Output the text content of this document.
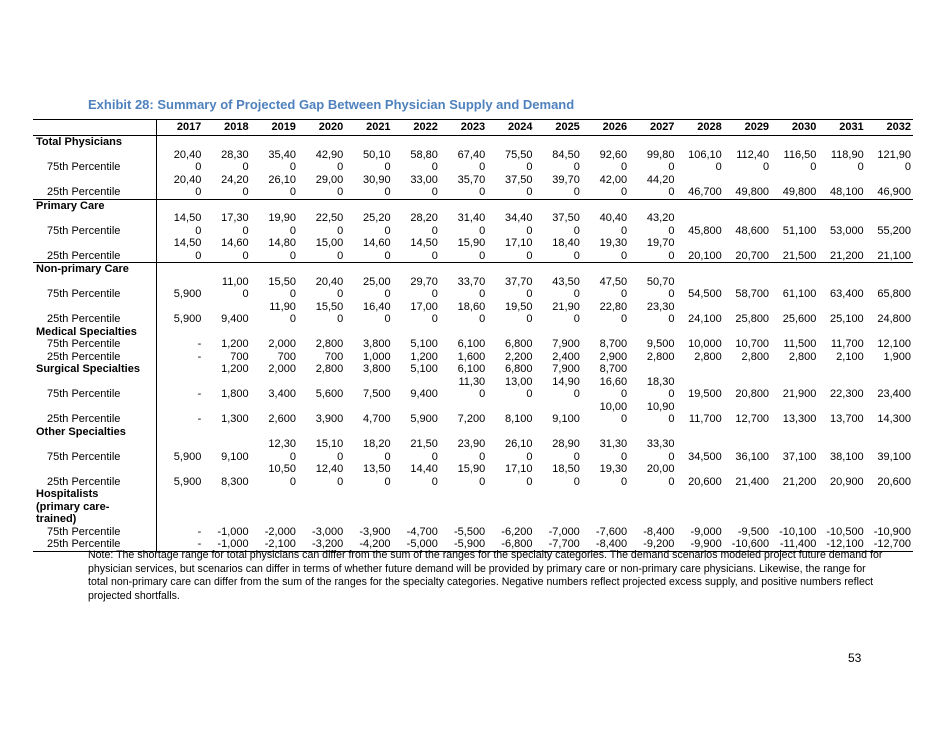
Exhibit 28: Summary of Projected Gap Between Physician Supply and Demand
	2017	2018	2019	2020	2021	2022	2023	2024	2025	2026	2027	2028	2029	2030	2031	2032
Total Physicians																
	20,40	28,30	35,40	42,90	50,10	58,80	67,40	75,50	84,50	92,60	99,80	106,10	112,40	116,50	118,90	121,90
75th Percentile	0	0	0	0	0	0	0	0	0	0	0	0	0	0	0	0
	20,40	24,20	26,10	29,00	30,90	33,00	35,70	37,50	39,70	42,00	44,20					
25th Percentile	0	0	0	0	0	0	0	0	0	0	0	46,700	49,800	49,800	48,100	46,900
Primary Care																
	14,50	17,30	19,90	22,50	25,20	28,20	31,40	34,40	37,50	40,40	43,20					
75th Percentile	0	0	0	0	0	0	0	0	0	0	0	45,800	48,600	51,100	53,000	55,200
	14,50	14,60	14,80	15,00	14,60	14,50	15,90	17,10	18,40	19,30	19,70					
25th Percentile	0	0	0	0	0	0	0	0	0	0	0	20,100	20,700	21,500	21,200	21,100
Non-primary Care																
		11,00	15,50	20,40	25,00	29,70	33,70	37,70	43,50	47,50	50,70					
75th Percentile	5,900	0	0	0	0	0	0	0	0	0	0	54,500	58,700	61,100	63,400	65,800
			11,90	15,50	16,40	17,00	18,60	19,50	21,90	22,80	23,30					
25th Percentile	5,900	9,400	0	0	0	0	0	0	0	0	0	24,100	25,800	25,600	25,100	24,800
Medical Specialties																
75th Percentile	-	1,200	2,000	2,800	3,800	5,100	6,100	6,800	7,900	8,700	9,500	10,000	10,700	11,500	11,700	12,100
25th Percentile	-	700	700	700	1,000	1,200	1,600	2,200	2,400	2,900	2,800	2,800	2,800	2,800	2,100	1,900
Surgical Specialties		1,200	2,000	2,800	3,800	5,100	6,100	6,800	7,900	8,700						
							11,30	13,00	14,90	16,60	18,30					
75th Percentile	-	1,800	3,400	5,600	7,500	9,400	0	0	0	0	0	19,500	20,800	21,900	22,300	23,400
										10,00	10,90					
25th Percentile	-	1,300	2,600	3,900	4,700	5,900	7,200	8,100	9,100	0	0	11,700	12,700	13,300	13,700	14,300
Other Specialties																
			12,30	15,10	18,20	21,50	23,90	26,10	28,90	31,30	33,30					
75th Percentile	5,900	9,100	0	0	0	0	0	0	0	0	0	34,500	36,100	37,100	38,100	39,100
			10,50	12,40	13,50	14,40	15,90	17,10	18,50	19,30	20,00					
25th Percentile	5,900	8,300	0	0	0	0	0	0	0	0	0	20,600	21,400	21,200	20,900	20,600
Hospitalists																
(primary care-																
trained)																
75th Percentile	-	-1,000	-2,000	-3,000	-3,900	-4,700	-5,500	-6,200	-7,000	-7,600	-8,400	-9,000	-9,500	-10,100	-10,500	-10,900
25th Percentile	-	-1,000	-2,100	-3,200	-4,200	-5,000	-5,900	-6,800	-7,700	-8,400	-9,200	-9,900	-10,600	-11,400	-12,100	-12,700
Note: The shortage range for total physicians can differ from the sum of the ranges for the specialty categories. The demand scenarios modeled project future demand for physician services, but scenarios can differ in terms of whether future demand will be provided by primary care or non-primary care physicians. Likewise, the range for total non-primary care can differ from the sum of the ranges for the specialty categories. Negative numbers reflect projected excess supply, and positive numbers reflect projected shortfalls.
53
